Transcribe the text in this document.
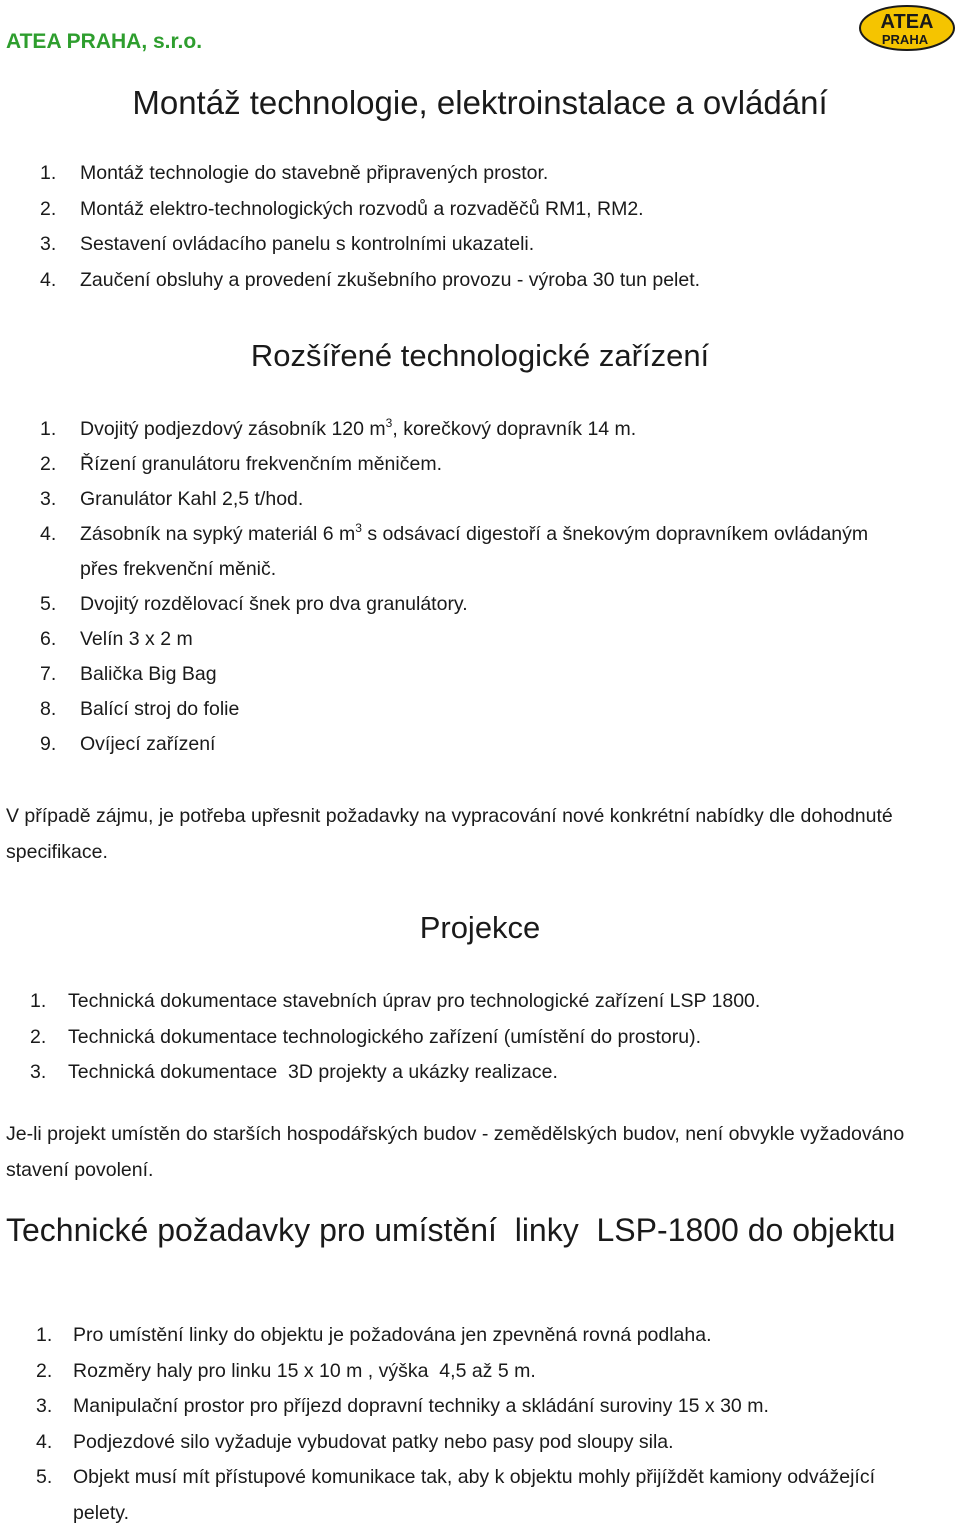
ATEA PRAHA, s.r.o.
ATEA
PRAHA
Montáž technologie, elektroinstalace a ovládání
1. Montáž technologie do stavebně připravených prostor.
2. Montáž elektro-technologických rozvodů a rozvaděčů RM1, RM2.
3. Sestavení ovládacího panelu s kontrolními ukazateli.
4. Zaučení obsluhy a provedení zkušebního provozu - výroba 30 tun pelet.
Rozšířené technologické zařízení
1. Dvojitý podjezdový zásobník 120 $m^3$, korečkový dopravník 14 m.
2. Řízení granulátoru frekvenčním měničem.
3. Granulátor Kahl 2,5 t/hod.
4. Zásobník na sypký materiál 6 $m^3$ s odsávací digestoří a šnekovým dopravníkem ovládaným přes frekvenční měnič.
5. Dvojitý rozdělovací šnek pro dva granulátory.
6. Velín 3 x 2 m
7. Balička Big Bag
8. Balící stroj do folie
9. Ovíjecí zařízení

V případě zájmu, je potřeba upřesnit požadavky na vypracování nové konkrétní nabídky dle dohodnuté specifikace.

Projekce
1. Technická dokumentace stavebních úprav pro technologické zařízení LSP 1800.
2. Technická dokumentace technologického zařízení (umístění do prostoru).
3. Technická dokumentace  3D projekty a ukázky realizace.

Je-li projekt umístěn do starších hospodářských budov - zemědělských budov, není obvykle vyžadováno stavení povolení.

Technické požadavky pro umístění  linky  LSP-1800 do objektu
1. Pro umístění linky do objektu je požadována jen zpevněná rovná podlaha.
2. Rozměry haly pro linku 15 x 10 m , výška  4,5 až 5 m.
3. Manipulační prostor pro příjezd dopravní techniky a skládání suroviny 15 x 30 m.
4. Podjezdové silo vyžaduje vybudovat patky nebo pasy pod sloupy sila.
5. Objekt musí mít přístupové komunikace tak, aby k objektu mohly přijíždět kamiony odvážející pelety.
